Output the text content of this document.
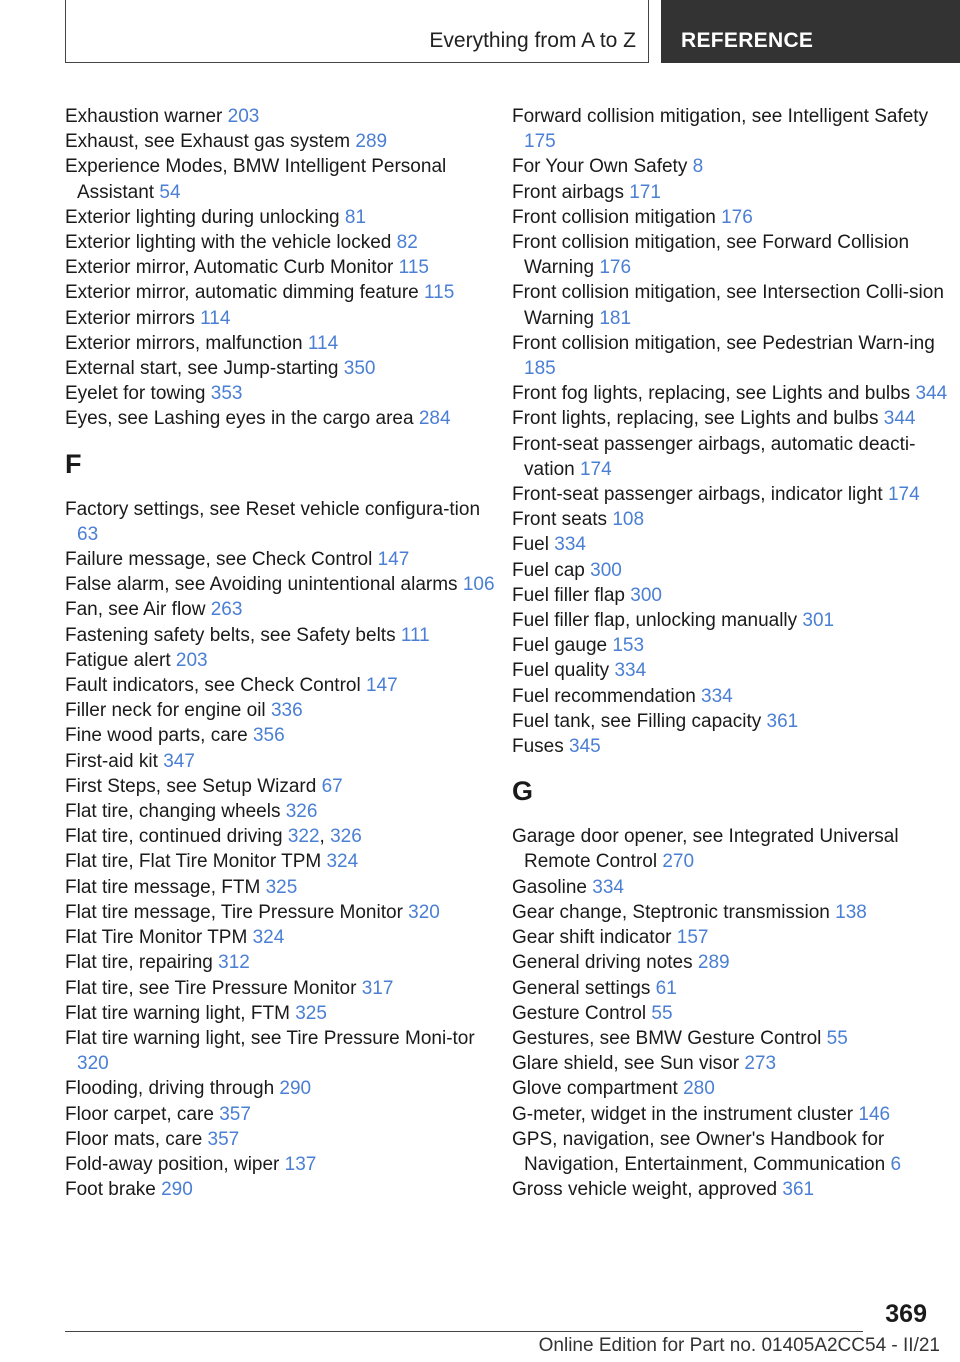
Everything from A to Z REFERENCE
Exhaustion warner 203
Exhaust, see Exhaust gas system 289
Experience Modes, BMW Intelligent Personal Assistant 54
Exterior lighting during unlocking 81
Exterior lighting with the vehicle locked 82
Exterior mirror, Automatic Curb Monitor 115
Exterior mirror, automatic dimming feature 115
Exterior mirrors 114
Exterior mirrors, malfunction 114
External start, see Jump-starting 350
Eyelet for towing 353
Eyes, see Lashing eyes in the cargo area 284
F
Factory settings, see Reset vehicle configura‐tion 63
Failure message, see Check Control 147
False alarm, see Avoiding unintentional alarms 106
Fan, see Air flow 263
Fastening safety belts, see Safety belts 111
Fatigue alert 203
Fault indicators, see Check Control 147
Filler neck for engine oil 336
Fine wood parts, care 356
First-aid kit 347
First Steps, see Setup Wizard 67
Flat tire, changing wheels 326
Flat tire, continued driving 322, 326
Flat tire, Flat Tire Monitor TPM 324
Flat tire message, FTM 325
Flat tire message, Tire Pressure Monitor 320
Flat Tire Monitor TPM 324
Flat tire, repairing 312
Flat tire, see Tire Pressure Monitor 317
Flat tire warning light, FTM 325
Flat tire warning light, see Tire Pressure Moni‐tor 320
Flooding, driving through 290
Floor carpet, care 357
Floor mats, care 357
Fold-away position, wiper 137
Foot brake 290
Forward collision mitigation, see Intelligent Safety 175
For Your Own Safety 8
Front airbags 171
Front collision mitigation 176
Front collision mitigation, see Forward Collision Warning 176
Front collision mitigation, see Intersection Colli‐sion Warning 181
Front collision mitigation, see Pedestrian Warn‐ing 185
Front fog lights, replacing, see Lights and bulbs 344
Front lights, replacing, see Lights and bulbs 344
Front-seat passenger airbags, automatic deacti‐vation 174
Front-seat passenger airbags, indicator light 174
Front seats 108
Fuel 334
Fuel cap 300
Fuel filler flap 300
Fuel filler flap, unlocking manually 301
Fuel gauge 153
Fuel quality 334
Fuel recommendation 334
Fuel tank, see Filling capacity 361
Fuses 345
G
Garage door opener, see Integrated Universal Remote Control 270
Gasoline 334
Gear change, Steptronic transmission 138
Gear shift indicator 157
General driving notes 289
General settings 61
Gesture Control 55
Gestures, see BMW Gesture Control 55
Glare shield, see Sun visor 273
Glove compartment 280
G-meter, widget in the instrument cluster 146
GPS, navigation, see Owner's Handbook for Navigation, Entertainment, Communication 6
Gross vehicle weight, approved 361
369
Online Edition for Part no. 01405A2CC54 - II/21
